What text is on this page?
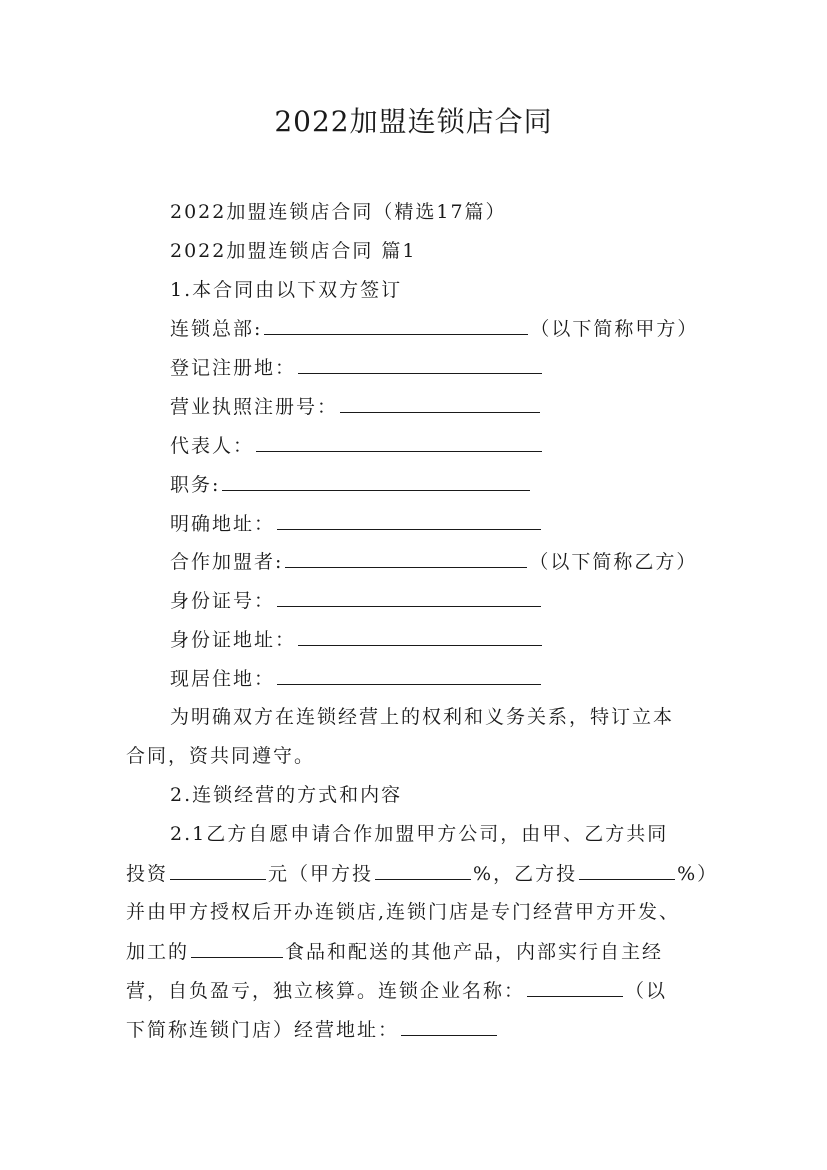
2022加盟连锁店合同
2022加盟连锁店合同（精选17篇）
2022加盟连锁店合同 篇1
1.本合同由以下双方签订
连锁总部:	（以下简称甲方）
登记注册地：
营业执照注册号：
代表人：
职务:
明确地址：
合作加盟者:	（以下简称乙方）
身份证号：
身份证地址：
现居住地：
为明确双方在连锁经营上的权利和义务关系，特订立本
合同，资共同遵守。
2.连锁经营的方式和内容
2.1乙方自愿申请合作加盟甲方公司，由甲、乙方共同
投资	元（甲方投	%，乙方投	%）
并由甲方授权后开办连锁店,连锁门店是专门经营甲方开发、
加工的	食品和配送的其他产品，内部实行自主经
营，自负盈亏，独立核算。连锁企业名称：	（以
下简称连锁门店）经营地址：
